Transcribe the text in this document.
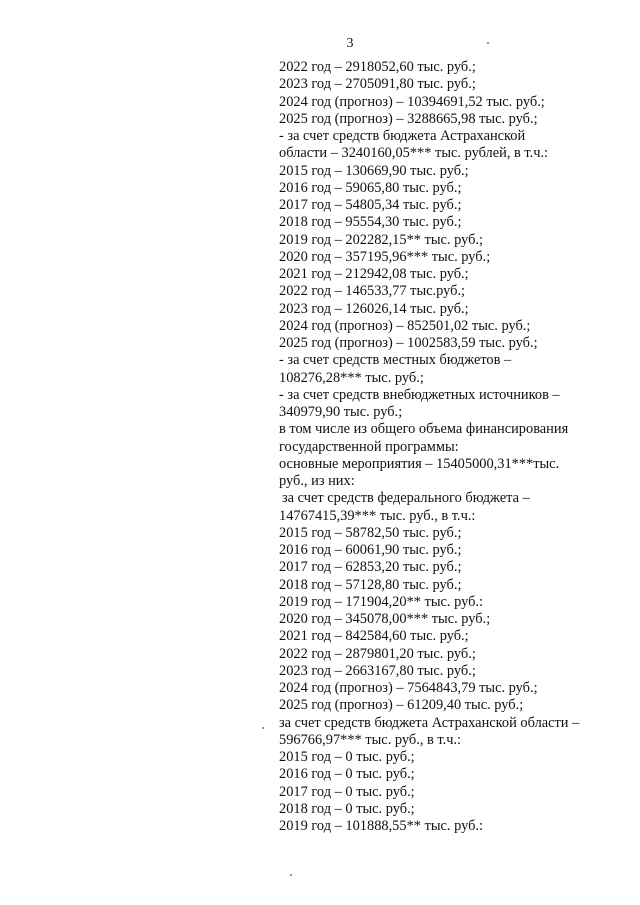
3
2022 год – 2918052,60 тыс. руб.;
2023 год – 2705091,80 тыс. руб.;
2024 год (прогноз) – 10394691,52 тыс. руб.;
2025 год (прогноз) – 3288665,98 тыс. руб.;
- за счет средств бюджета Астраханской
области – 3240160,05*** тыс. рублей, в т.ч.:
2015 год – 130669,90 тыс. руб.;
2016 год – 59065,80 тыс. руб.;
2017 год – 54805,34 тыс. руб.;
2018 год – 95554,30 тыс. руб.;
2019 год – 202282,15** тыс. руб.;
2020 год – 357195,96*** тыс. руб.;
2021 год – 212942,08 тыс. руб.;
2022 год – 146533,77 тыс.руб.;
2023 год – 126026,14 тыс. руб.;
2024 год (прогноз) – 852501,02 тыс. руб.;
2025 год (прогноз) – 1002583,59 тыс. руб.;
- за счет средств местных бюджетов –
108276,28*** тыс. руб.;
- за счет средств внебюджетных источников –
340979,90 тыс. руб.;
в том числе из общего объема финансирования
государственной программы:
основные мероприятия – 15405000,31***тыс.
руб., из них:
за счет средств федерального бюджета –
14767415,39*** тыс. руб., в т.ч.:
2015 год – 58782,50 тыс. руб.;
2016 год – 60061,90 тыс. руб.;
2017 год – 62853,20 тыс. руб.;
2018 год – 57128,80 тыс. руб.;
2019 год – 171904,20** тыс. руб.:
2020 год – 345078,00*** тыс. руб.;
2021 год – 842584,60 тыс. руб.;
2022 год – 2879801,20 тыс. руб.;
2023 год – 2663167,80 тыс. руб.;
2024 год (прогноз) – 7564843,79 тыс. руб.;
2025 год (прогноз) – 61209,40 тыс. руб.;
за счет средств бюджета Астраханской области –
596766,97*** тыс. руб., в т.ч.:
2015 год – 0 тыс. руб.;
2016 год – 0 тыс. руб.;
2017 год – 0 тыс. руб.;
2018 год – 0 тыс. руб.;
2019 год – 101888,55** тыс. руб.:
